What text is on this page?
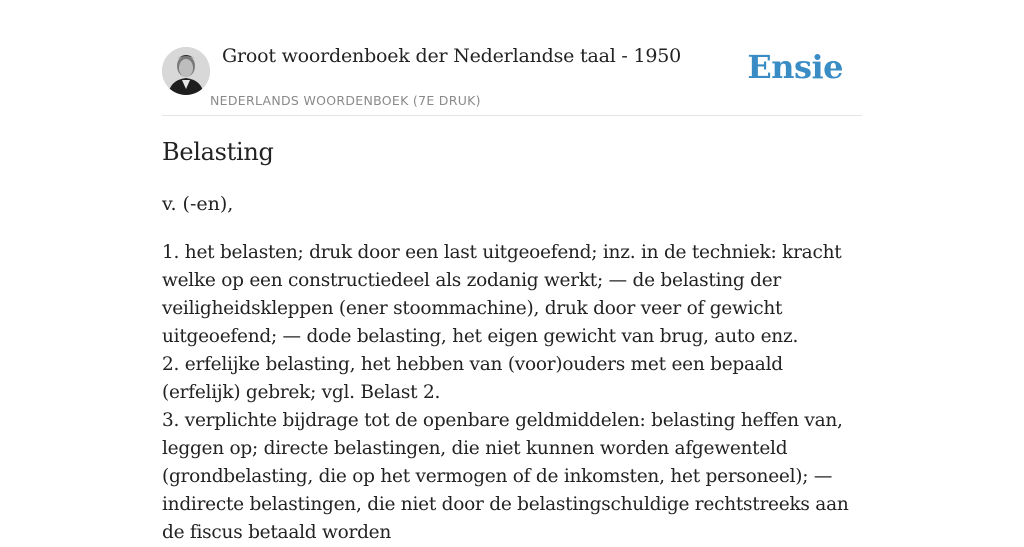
Groot woordenboek der Nederlandse taal - 1950
NEDERLANDS WOORDENBOEK (7E DRUK)
Ensie
Belasting
v. (-en),

1. het belasten; druk door een last uitgeoefend; inz. in de techniek: kracht welke op een constructiedeel als zodanig werkt; — de belasting der veiligheidskleppen (ener stoommachine), druk door veer of gewicht uitgeoefend; — dode belasting, het eigen gewicht van brug, auto enz.

2. erfelijke belasting, het hebben van (voor)ouders met een bepaald (erfelijk) gebrek; vgl. Belast 2.

3. verplichte bijdrage tot de openbare geldmiddelen: belasting heffen van, leggen op; directe belastingen, die niet kunnen worden afgewenteld (grondbelasting, die op het vermogen of de inkomsten, het personeel); — indirecte belastingen, die niet door de belastingschuldige rechtstreeks aan de fiscus betaald worden
